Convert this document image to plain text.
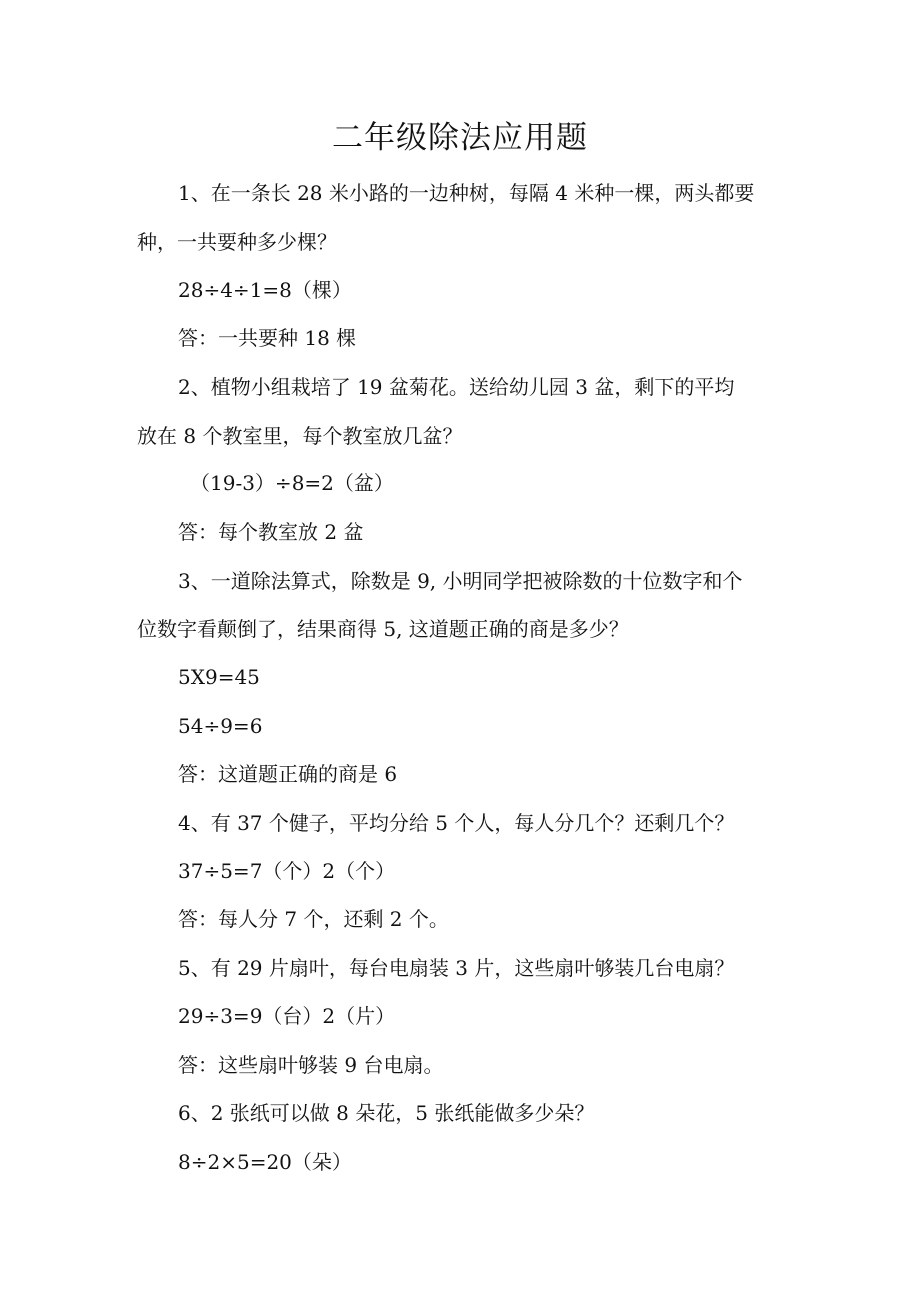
二年级除法应用题

1、在一条长 28 米小路的一边种树，每隔 4 米种一棵，两头都要

种，一共要种多少棵？

28÷4÷1=8（棵）

答：一共要种 18 棵

2、植物小组栽培了 19 盆菊花。送给幼儿园 3 盆，剩下的平均

放在 8 个教室里，每个教室放几盆？

（19-3）÷8=2（盆）

答：每个教室放 2 盆

3、一道除法算式，除数是 9, 小明同学把被除数的十位数字和个

位数字看颠倒了，结果商得 5, 这道题正确的商是多少？

5X9=45

54÷9=6

答：这道题正确的商是 6

4、有 37 个健子，平均分给 5 个人，每人分几个？还剩几个？

37÷5=7（个）2（个）

答：每人分 7 个，还剩 2 个。

5、有 29 片扇叶，每台电扇装 3 片，这些扇叶够装几台电扇？

29÷3=9（台）2（片）

答：这些扇叶够装 9 台电扇。

6、2 张纸可以做 8 朵花，5 张纸能做多少朵？

8÷2×5=20（朵）
